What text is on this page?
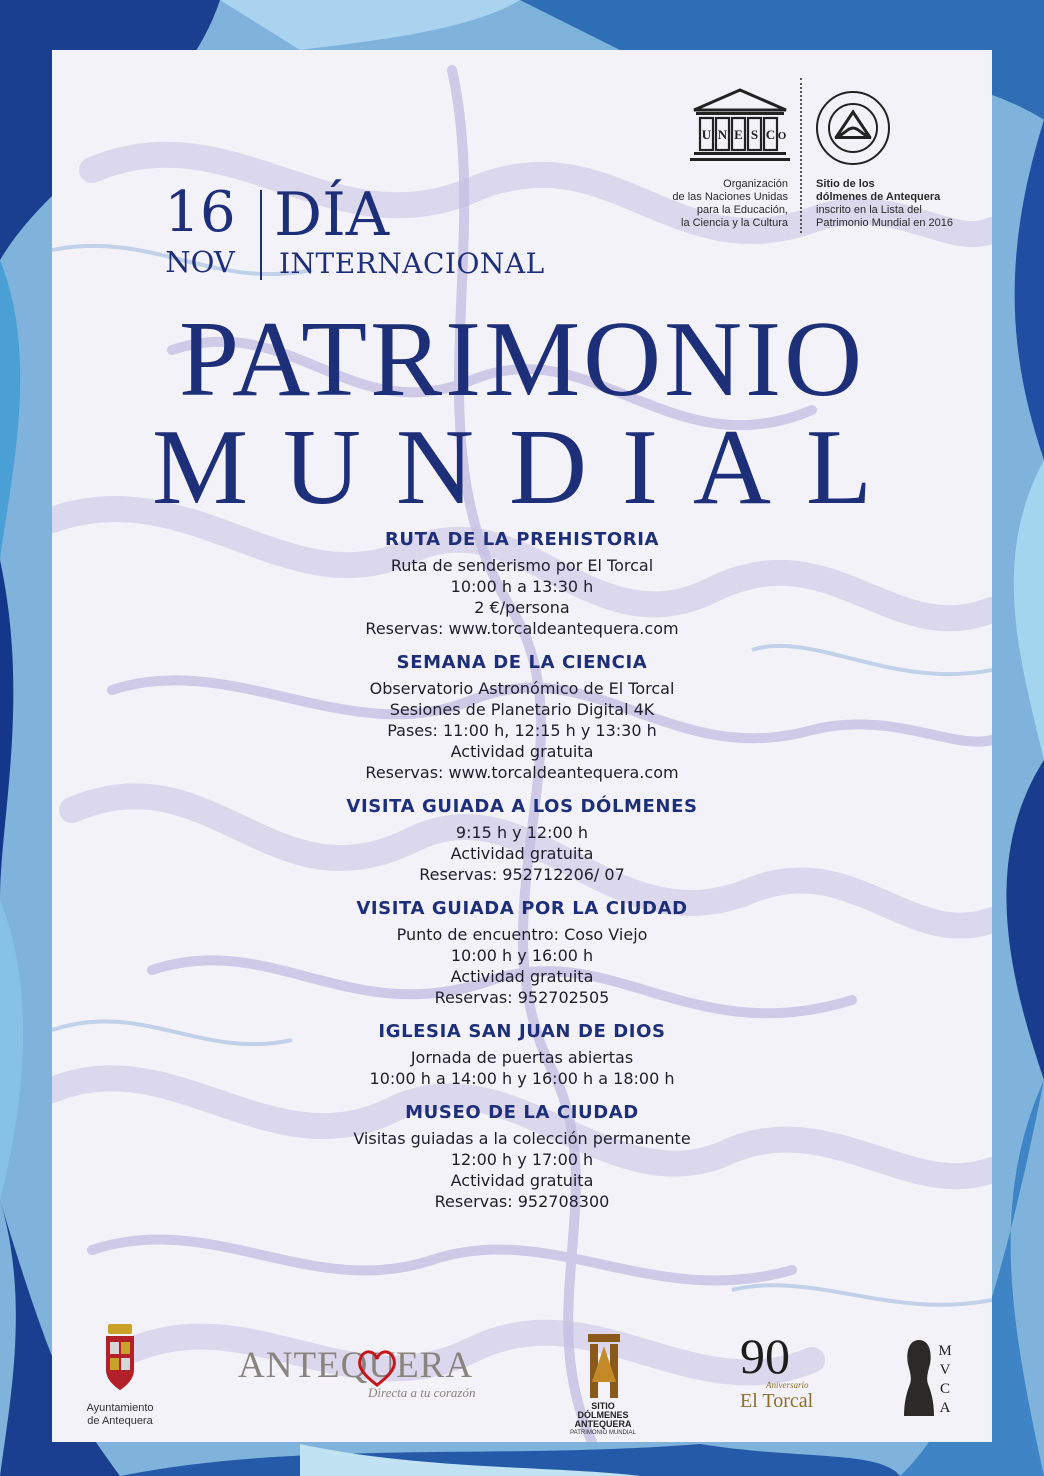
16
NOV
DÍA
INTERNACIONAL
PATRIMONIO
M U N D I A L
U N E S C O
Organización
de las Naciones Unidas
para la Educación,
la Ciencia y la Cultura
Sitio de los
dólmenes de Antequera
inscrito en la Lista del
Patrimonio Mundial en 2016
RUTA DE LA PREHISTORIA
Ruta de senderismo por El Torcal
10:00 h a 13:30 h
2 €/persona
Reservas: www.torcaldeantequera.com
SEMANA DE LA CIENCIA
Observatorio Astronómico de El Torcal
Sesiones de Planetario Digital 4K
Pases: 11:00 h, 12:15 h y 13:30 h
Actividad gratuita
Reservas: www.torcaldeantequera.com
VISITA GUIADA A LOS DÓLMENES
9:15 h y 12:00 h
Actividad gratuita
Reservas: 952712206/ 07
VISITA GUIADA POR LA CIUDAD
Punto de encuentro: Coso Viejo
10:00 h y 16:00 h
Actividad gratuita
Reservas: 952702505
IGLESIA SAN JUAN DE DIOS
Jornada de puertas abiertas
10:00 h a 14:00 h y 16:00 h a 18:00 h
MUSEO DE LA CIUDAD
Visitas guiadas a la colección permanente
12:00 h y 17:00 h
Actividad gratuita
Reservas: 952708300
Ayuntamiento
de Antequera
ANTEQUERA
Directa a tu corazón
SITIO DÓLMENES
ANTEQUERA
PATRIMONIO MUNDIAL
90
Aniversario
El Torcal
M
V
C
A
